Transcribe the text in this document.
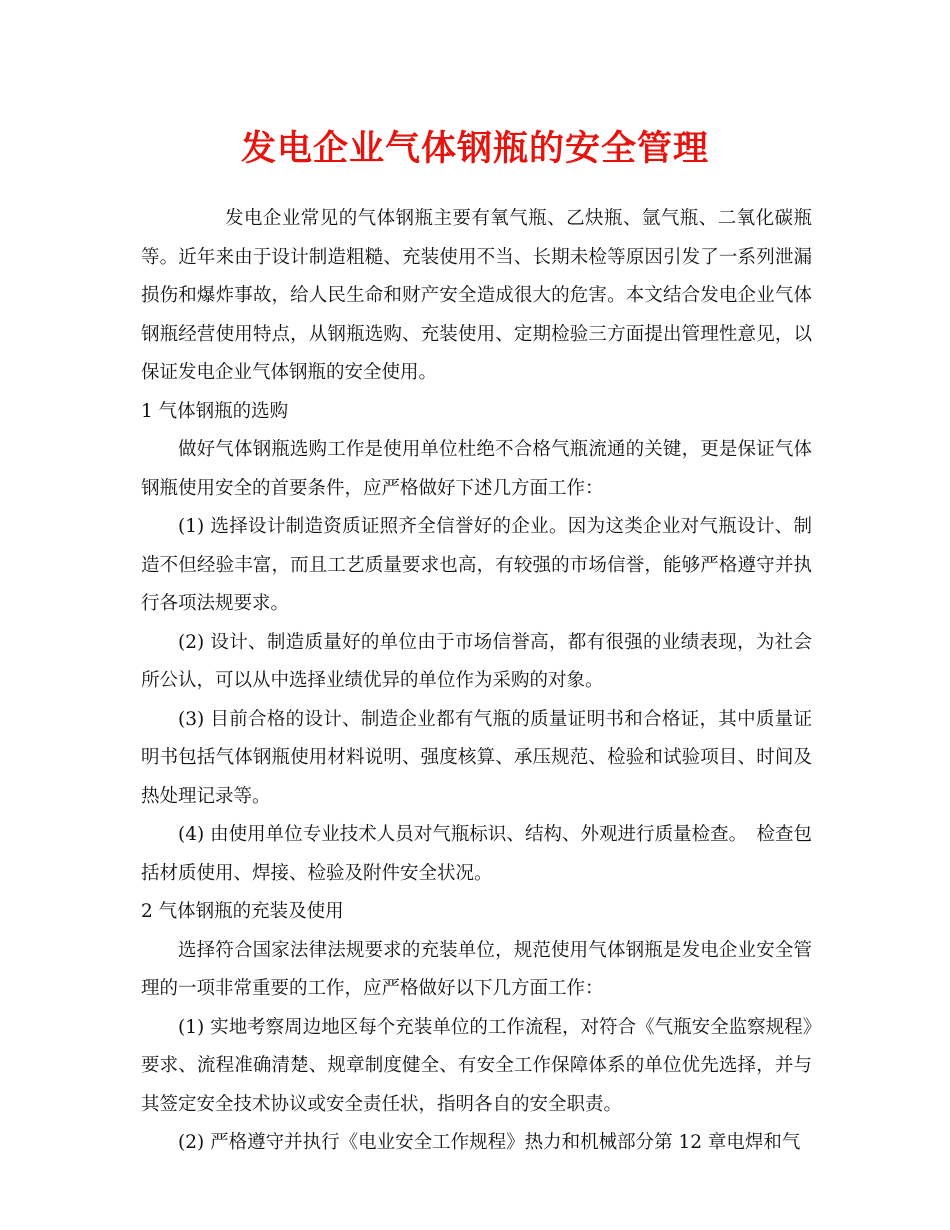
发电企业气体钢瓶的安全管理

发电企业常见的气体钢瓶主要有氧气瓶、乙炔瓶、氩气瓶、二氧化碳瓶等。近年来由于设计制造粗糙、充装使用不当、长期未检等原因引发了一系列泄漏损伤和爆炸事故，给人民生命和财产安全造成很大的危害。本文结合发电企业气体钢瓶经营使用特点，从钢瓶选购、充装使用、定期检验三方面提出管理性意见，以保证发电企业气体钢瓶的安全使用。

1 气体钢瓶的选购

做好气体钢瓶选购工作是使用单位杜绝不合格气瓶流通的关键，更是保证气体钢瓶使用安全的首要条件，应严格做好下述几方面工作：

(1) 选择设计制造资质证照齐全信誉好的企业。因为这类企业对气瓶设计、制造不但经验丰富，而且工艺质量要求也高，有较强的市场信誉，能够严格遵守并执行各项法规要求。

(2) 设计、制造质量好的单位由于市场信誉高，都有很强的业绩表现，为社会所公认，可以从中选择业绩优异的单位作为采购的对象。

(3) 目前合格的设计、制造企业都有气瓶的质量证明书和合格证，其中质量证明书包括气体钢瓶使用材料说明、强度核算、承压规范、检验和试验项目、时间及热处理记录等。

(4) 由使用单位专业技术人员对气瓶标识、结构、外观进行质量检查。　检查包括材质使用、焊接、检验及附件安全状况。

2 气体钢瓶的充装及使用

选择符合国家法律法规要求的充装单位，规范使用气体钢瓶是发电企业安全管理的一项非常重要的工作，应严格做好以下几方面工作：

(1) 实地考察周边地区每个充装单位的工作流程，对符合《气瓶安全监察规程》要求、流程准确清楚、规章制度健全、有安全工作保障体系的单位优先选择，并与其签定安全技术协议或安全责任状，指明各自的安全职责。

(2) 严格遵守并执行《电业安全工作规程》热力和机械部分第 12 章电焊和气
